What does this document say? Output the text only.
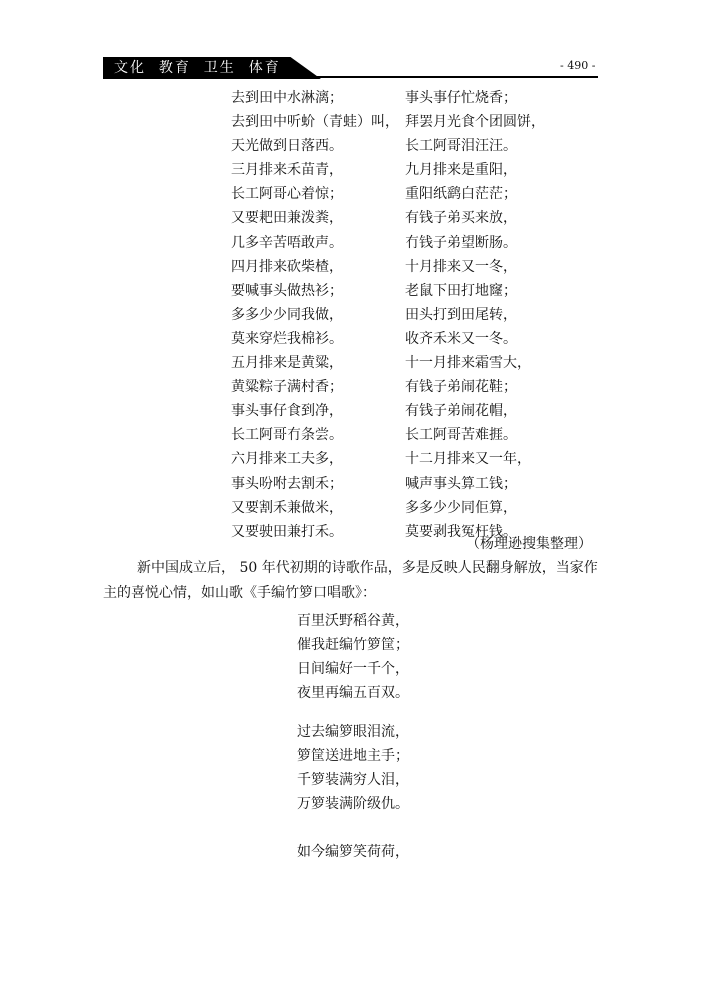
文化  教育  卫生  体育	- 490 -
去到田中水淋漓；
去到田中听蚧（青蛙）叫，
天光做到日落西。
三月排来禾苗青，
长工阿哥心着惊；
又要耙田兼泼粪，
几多辛苦唔敢声。
四月排来砍柴楂，
要喊事头做热衫；
多多少少同我做，
莫来穿烂我棉衫。
五月排来是黄粱，
黄粱粽子满村香；
事头事仔食到净，
长工阿哥冇条尝。
六月排来工夫多，
事头吩咐去割禾；
又要割禾兼做米，
又要驶田兼打禾。
事头事仔忙烧香；
拜罢月光食个团圆饼，
长工阿哥泪汪汪。
九月排来是重阳，
重阳纸鹞白茫茫；
有钱子弟买来放，
冇钱子弟望断肠。
十月排来又一冬，
老鼠下田打地窿；
田头打到田尾转，
收齐禾米又一冬。
十一月排来霜雪大，
有钱子弟闹花鞋；
有钱子弟闹花帽，
长工阿哥苦难捱。
十二月排来又一年，
喊声事头算工钱；
多多少少同佢算，
莫要剥我冤枉钱。
（杨理逊搜集整理）

新中国成立后， 50 年代初期的诗歌作品，多是反映人民翻身解放，当家作主的喜悦心情，如山歌《手编竹箩口唱歌》：

百里沃野稻谷黄，
催我赶编竹箩筐；
日间编好一千个，
夜里再编五百双。
过去编箩眼泪流，
箩筐送进地主手；
千箩装满穷人泪，
万箩装满阶级仇。
如今编箩笑荷荷，
